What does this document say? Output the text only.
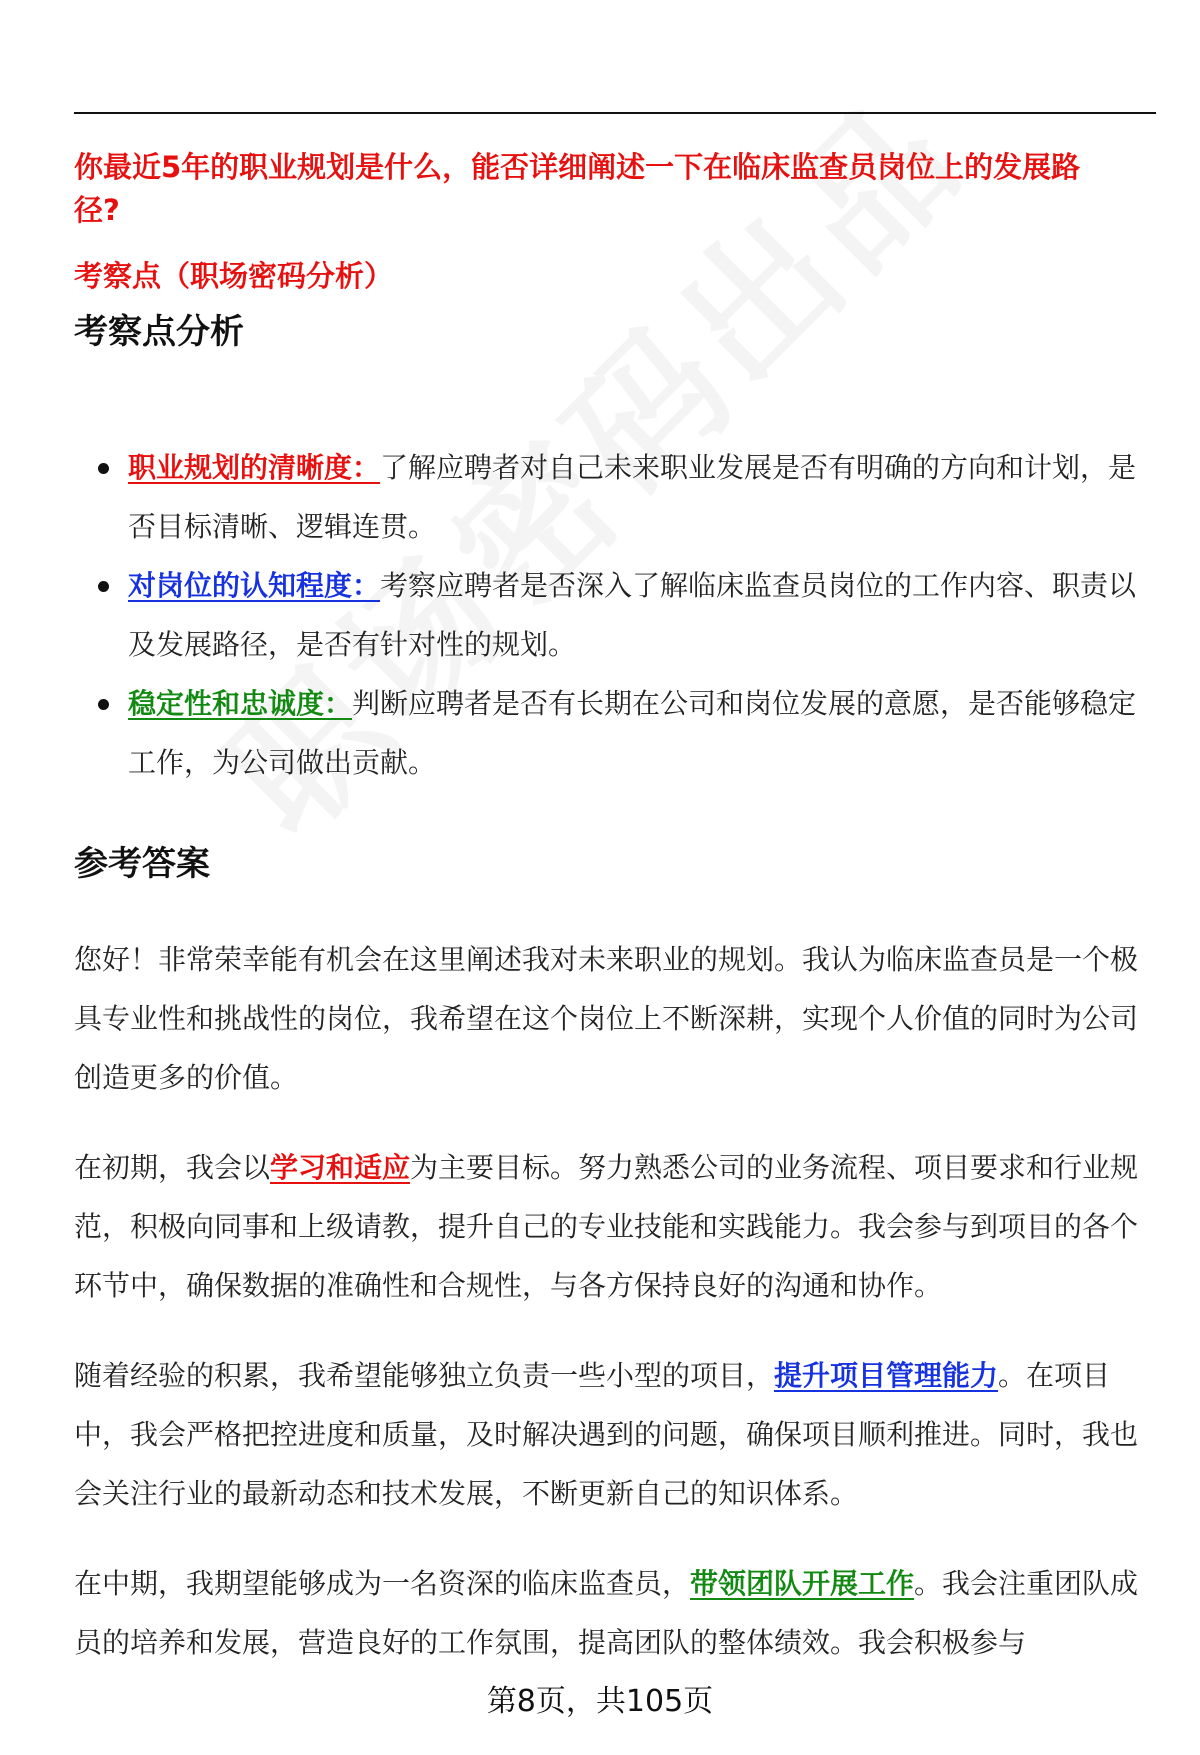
你最近5年的职业规划是什么，能否详细阐述一下在临床监查员岗位上的发展路径?
考察点（职场密码分析）
考察点分析
职业规划的清晰度：了解应聘者对自己未来职业发展是否有明确的方向和计划，是否目标清晰、逻辑连贯。
对岗位的认知程度：考察应聘者是否深入了解临床监查员岗位的工作内容、职责以及发展路径，是否有针对性的规划。
稳定性和忠诚度：判断应聘者是否有长期在公司和岗位发展的意愿，是否能够稳定工作，为公司做出贡献。
参考答案

您好！非常荣幸能有机会在这里阐述我对未来职业的规划。我认为临床监查员是一个极具专业性和挑战性的岗位，我希望在这个岗位上不断深耕，实现个人价值的同时为公司创造更多的价值。

在初期，我会以学习和适应为主要目标。努力熟悉公司的业务流程、项目要求和行业规范，积极向同事和上级请教，提升自己的专业技能和实践能力。我会参与到项目的各个环节中，确保数据的准确性和合规性，与各方保持良好的沟通和协作。

随着经验的积累，我希望能够独立负责一些小型的项目，提升项目管理能力。在项目中，我会严格把控进度和质量，及时解决遇到的问题，确保项目顺利推进。同时，我也会关注行业的最新动态和技术发展，不断更新自己的知识体系。

在中期，我期望能够成为一名资深的临床监查员，带领团队开展工作。我会注重团队成员的培养和发展，营造良好的工作氛围，提高团队的整体绩效。我会积极参与

第8页，共105页
